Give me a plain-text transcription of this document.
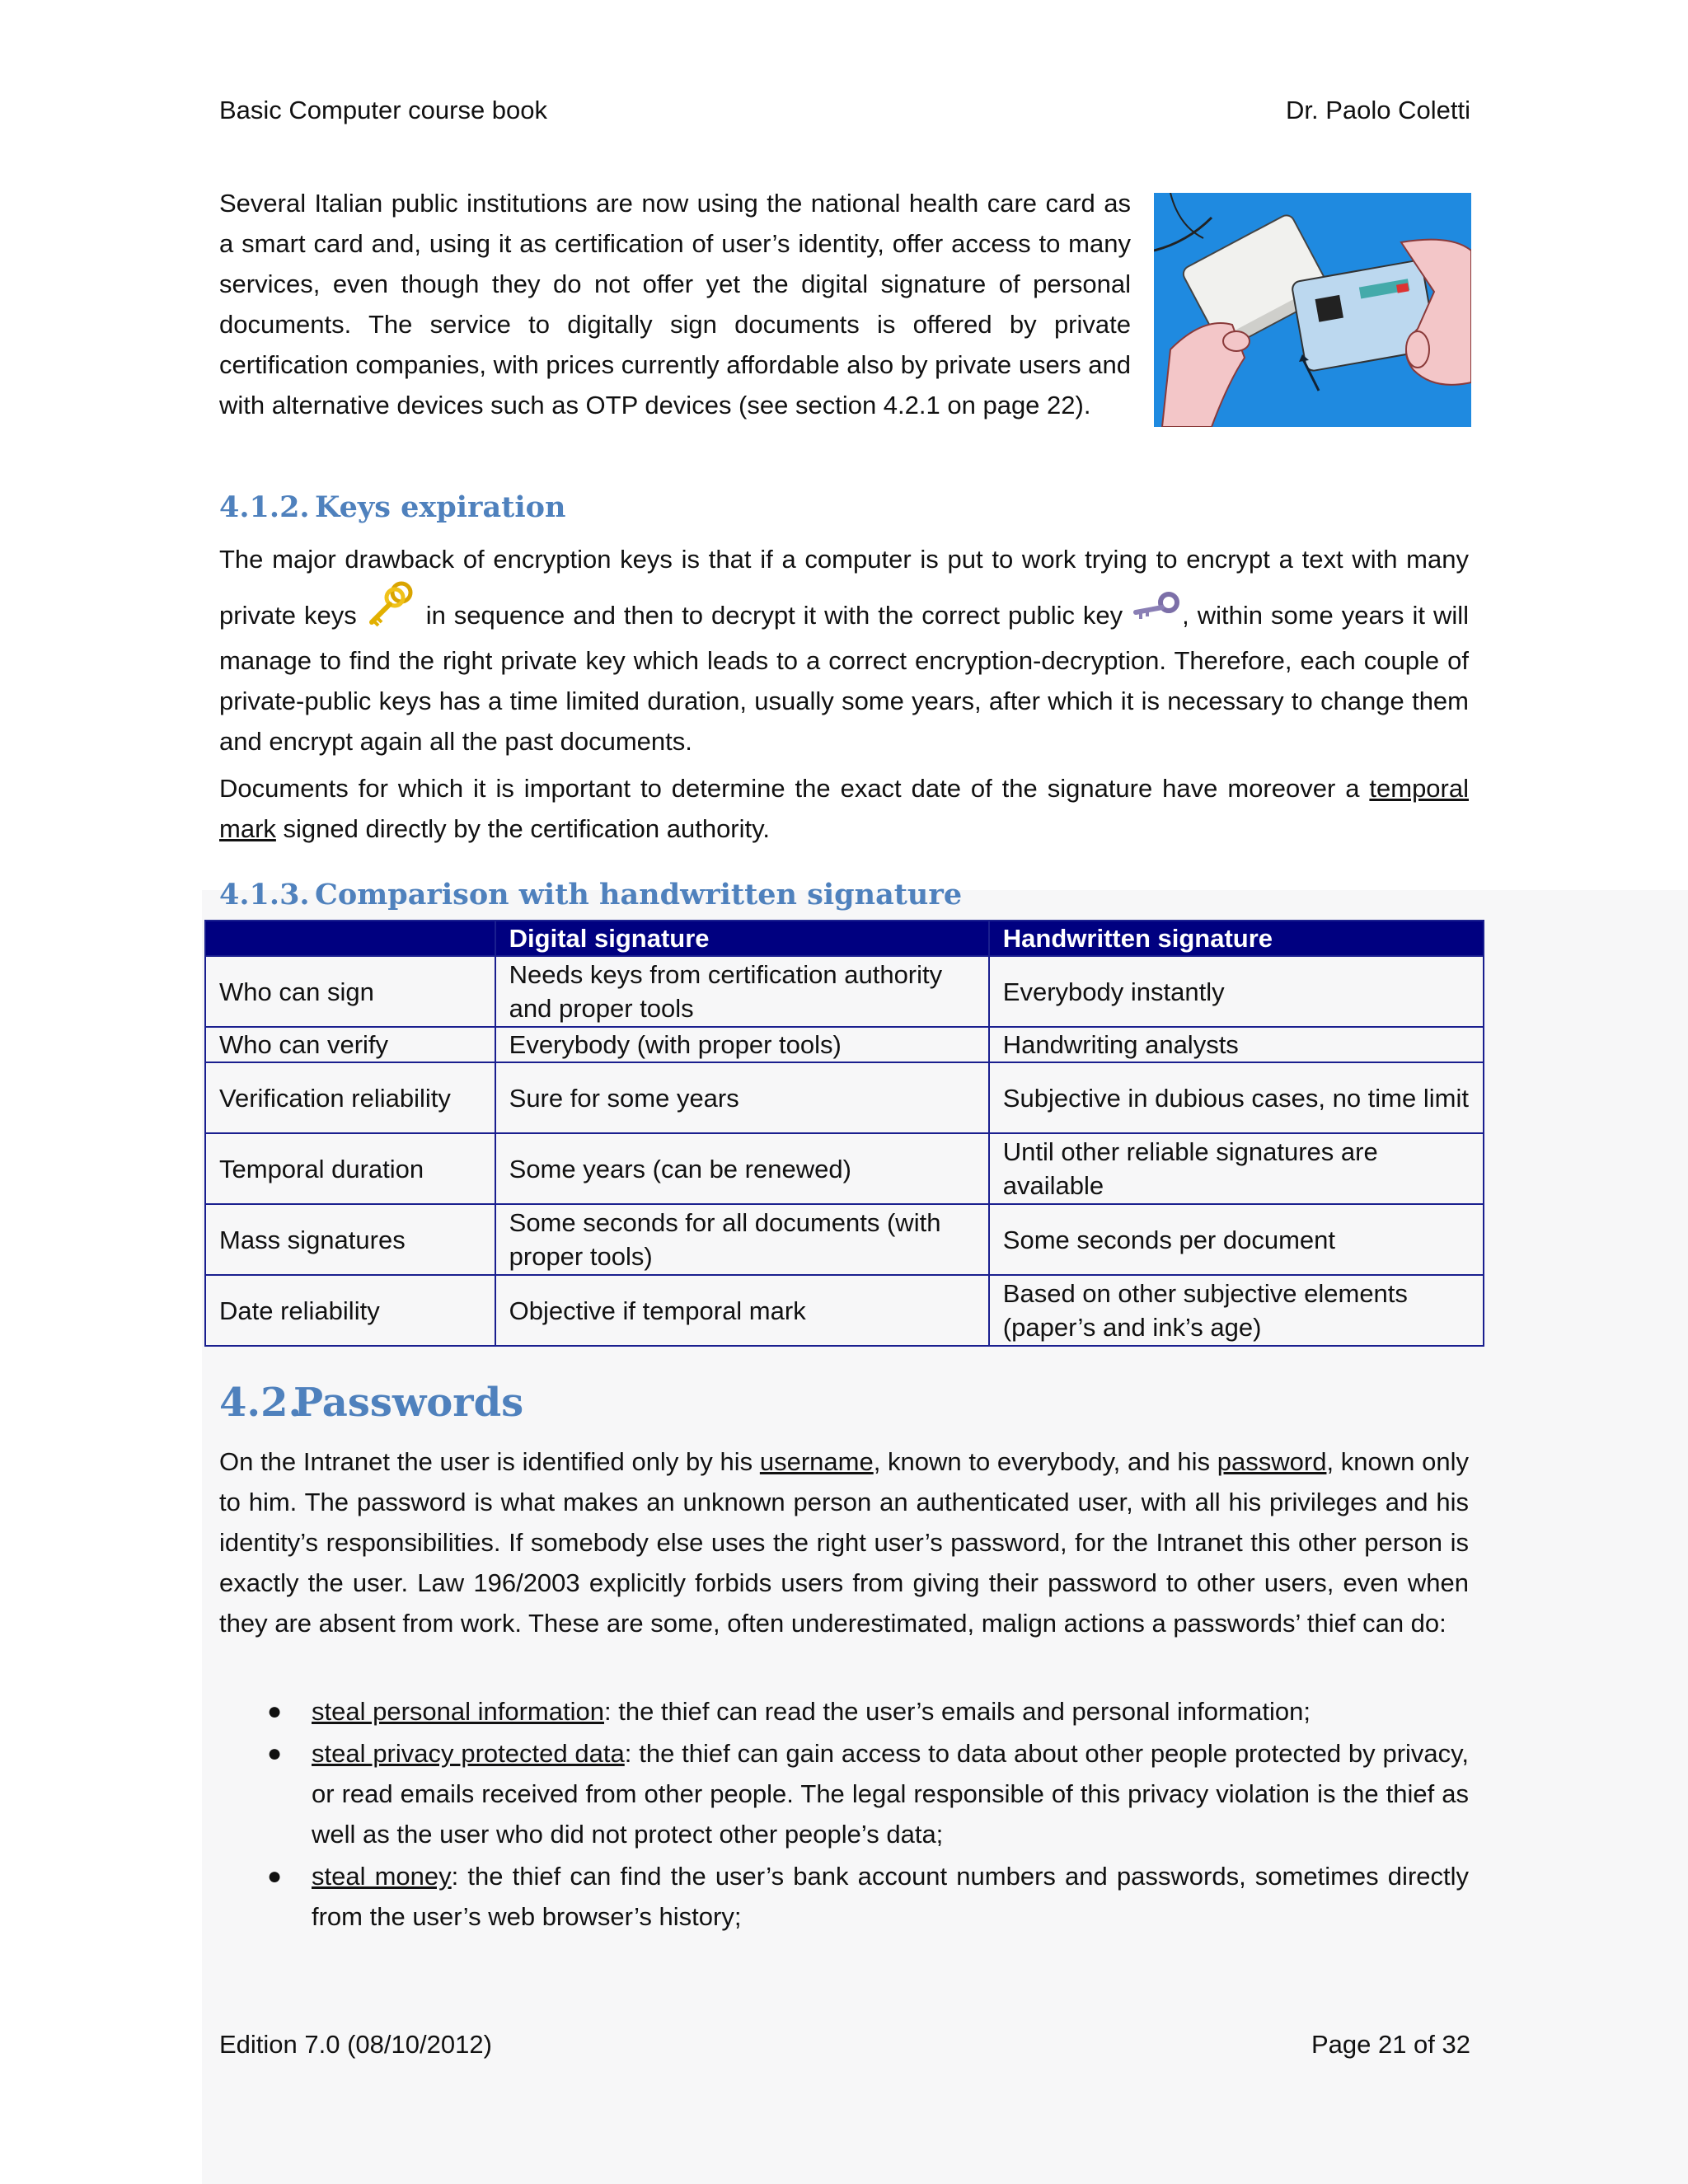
Basic Computer course book	Dr. Paolo Coletti
Several Italian public institutions are now using the national health care card as a smart card and, using it as certification of user’s identity, offer access to many services, even though they do not offer yet the digital signature of personal documents. The service to digitally sign documents is offered by private certification companies, with prices currently affordable also by private users and with alternative devices such as OTP devices (see section 4.2.1 on page 22).
4.1.2. Keys expiration
The major drawback of encryption keys is that if a computer is put to work trying to encrypt a text with many private keys  in sequence and then to decrypt it with the correct public key , within some years it will manage to find the right private key which leads to a correct encryption-decryption. Therefore, each couple of private-public keys has a time limited duration, usually some years, after which it is necessary to change them and encrypt again all the past documents.
Documents for which it is important to determine the exact date of the signature have moreover a temporal mark signed directly by the certification authority.
4.1.3. Comparison with handwritten signature
	Digital signature	Handwritten signature
Who can sign	Needs keys from certification authority and proper tools	Everybody instantly
Who can verify	Everybody (with proper tools)	Handwriting analysts
Verification reliability	Sure for some years	Subjective in dubious cases, no time limit
Temporal duration	Some years (can be renewed)	Until other reliable signatures are available
Mass signatures	Some seconds for all documents (with proper tools)	Some seconds per document
Date reliability	Objective if temporal mark	Based on other subjective elements (paper’s and ink’s age)
4.2.Passwords
On the Intranet the user is identified only by his username, known to everybody, and his password, known only to him. The password is what makes an unknown person an authenticated user, with all his privileges and his identity’s responsibilities. If somebody else uses the right user’s password, for the Intranet this other person is exactly the user. Law 196/2003 explicitly forbids users from giving their password to other users, even when they are absent from work. These are some, often underestimated, malign actions a passwords’ thief can do:
● steal personal information: the thief can read the user’s emails and personal information;
● steal privacy protected data: the thief can gain access to data about other people protected by privacy, or read emails received from other people. The legal responsible of this privacy violation is the thief as well as the user who did not protect other people’s data;
● steal money: the thief can find the user’s bank account numbers and passwords, sometimes directly from the user’s web browser’s history;
Edition 7.0 (08/10/2012)	Page 21 of 32
